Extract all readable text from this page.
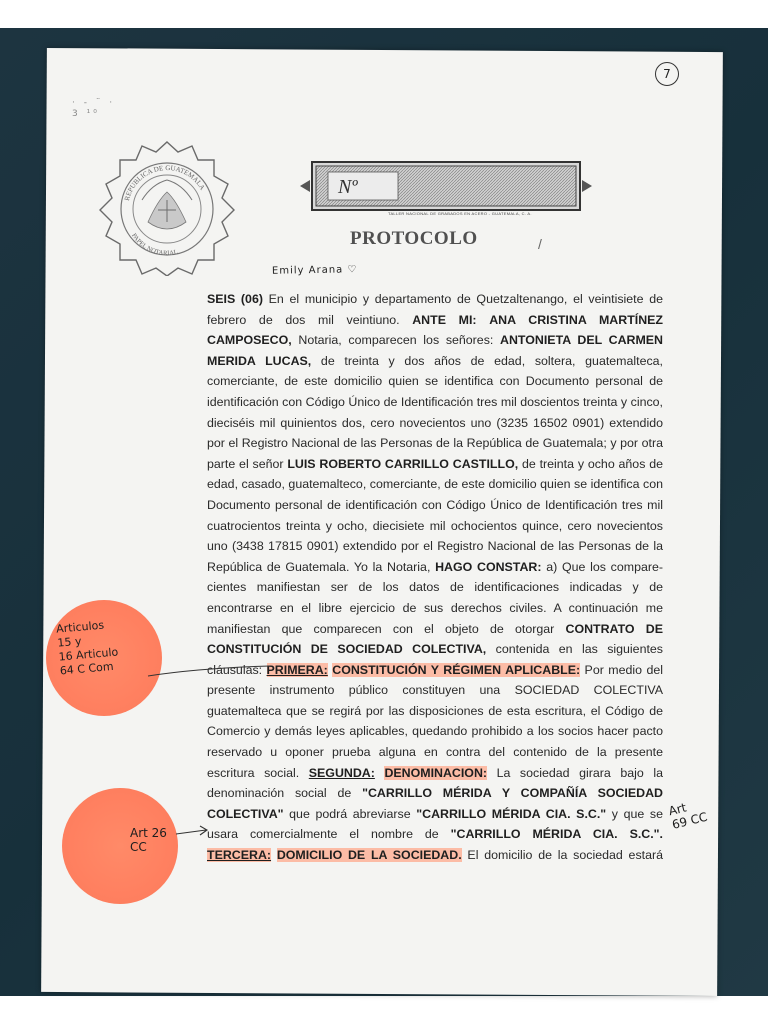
7
· - ¨ ·
3 ¹⁰
REPUBLICA DE GUATEMALA
PAPEL NOTARIAL
Nº
TALLER NACIONAL DE GRABADOS EN ACERO - GUATEMALA, C. A.
PROTOCOLO	/
Emily Arana ♡
SEIS (06) En el municipio y departamento de Quetzaltenango, el veintisiete de
febrero de dos mil veintiuno. ANTE MI: ANA CRISTINA MARTÍNEZ
CAMPOSECO, Notaria, comparecen los señores: ANTONIETA DEL CARMEN
MERIDA LUCAS, de treinta y dos años de edad, soltera, guatemalteca,
comerciante, de este domicilio quien se identifica con Documento personal de
identificación con Código Único de Identificación tres mil doscientos treinta y cinco,
dieciséis mil quinientos dos, cero novecientos uno (3235 16502 0901) extendido
por el Registro Nacional de las Personas de la República de Guatemala; y por otra
parte el señor LUIS ROBERTO CARRILLO CASTILLO, de treinta y ocho años de
edad, casado, guatemalteco, comerciante, de este domicilio quien se identifica con
Documento personal de identificación con Código Único de Identificación tres mil
cuatrocientos treinta y ocho, diecisiete mil ochocientos quince, cero novecientos
uno (3438 17815 0901) extendido por el Registro Nacional de las Personas de la
República de Guatemala. Yo la Notaria, HAGO CONSTAR: a) Que los compare-
cientes manifiestan ser de los datos de identificaciones indicadas y de
encontrarse en el libre ejercicio de sus derechos civiles. A continuación me
manifiestan que comparecen con el objeto de otorgar CONTRATO DE
CONSTITUCIÓN DE SOCIEDAD COLECTIVA, contenida en las siguientes
cláusulas: PRIMERA: CONSTITUCIÓN Y RÉGIMEN APLICABLE: Por medio del
presente instrumento público constituyen una SOCIEDAD COLECTIVA
guatemalteca que se regirá por las disposiciones de esta escritura, el Código de
Comercio y demás leyes aplicables, quedando prohibido a los socios hacer pacto
reservado u oponer prueba alguna en contra del contenido de la presente
escritura social. SEGUNDA: DENOMINACION: La sociedad girara bajo la
denominación social de "CARRILLO MÉRIDA Y COMPAÑÍA SOCIEDAD
COLECTIVA" que podrá abreviarse "CARRILLO MÉRIDA CIA. S.C." y que se
usara comercialmente el nombre de "CARRILLO MÉRIDA CIA. S.C.".
TERCERA: DOMICILIO DE LA SOCIEDAD. El domicilio de la sociedad estará
Articulos
15 y
16 Articulo
64 C Com
Art 26
CC
Art
69 CC
